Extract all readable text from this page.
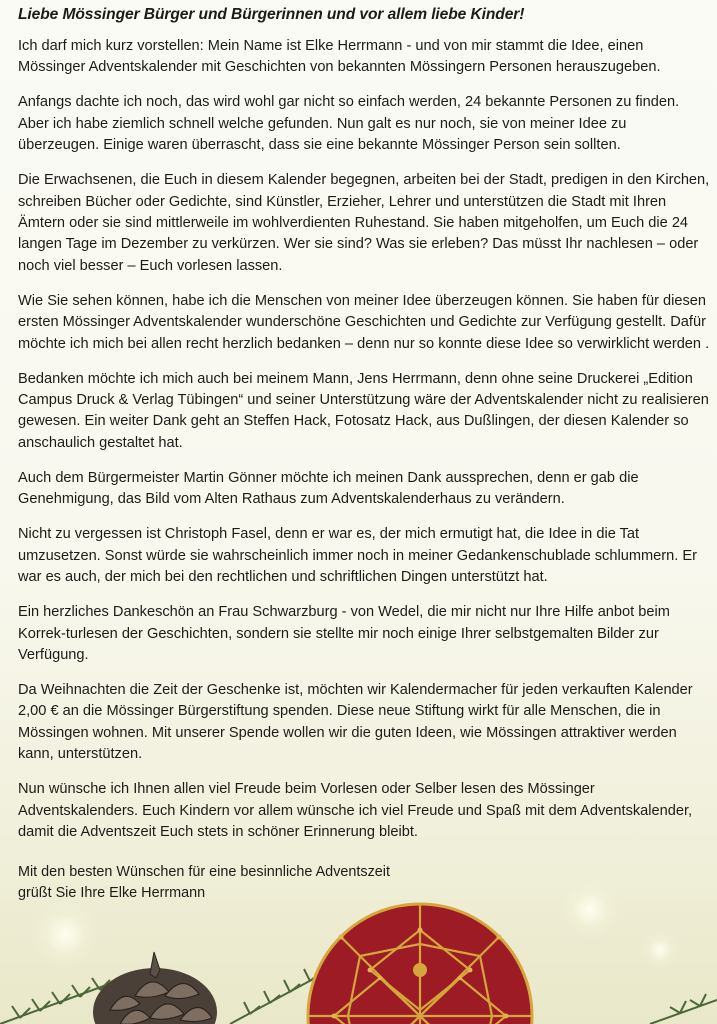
Liebe Mössinger Bürger und Bürgerinnen und vor allem liebe Kinder!

Ich darf mich kurz vorstellen: Mein Name ist Elke Herrmann - und von mir stammt die Idee, einen Mössinger Adventskalender mit Geschichten von bekannten Mössingern Personen herauszugeben.

Anfangs dachte ich noch, das wird wohl gar nicht so einfach werden, 24 bekannte Personen zu finden. Aber ich habe ziemlich schnell welche gefunden. Nun galt es nur noch, sie von meiner Idee zu überzeugen. Einige waren überrascht, dass sie eine bekannte Mössinger Person sein sollten.

Die Erwachsenen, die Euch in diesem Kalender begegnen, arbeiten bei der Stadt, predigen in den Kirchen, schreiben Bücher oder Gedichte, sind Künstler, Erzieher, Lehrer und unterstützen die Stadt mit Ihren Ämtern oder sie sind mittlerweile im wohlverdienten Ruhestand. Sie haben mitgeholfen, um Euch die 24 langen Tage im Dezember zu verkürzen. Wer sie sind? Was sie erleben? Das müsst Ihr nachlesen – oder noch viel besser – Euch vorlesen lassen.

Wie Sie sehen können, habe ich die Menschen von meiner Idee überzeugen können. Sie haben für diesen ersten Mössinger Adventskalender wunderschöne Geschichten und Gedichte zur Verfügung gestellt. Dafür möchte ich mich bei allen recht herzlich bedanken – denn nur so konnte diese Idee so verwirklicht werden .

Bedanken möchte ich mich auch bei meinem Mann, Jens Herrmann, denn ohne seine Druckerei „Edition Campus Druck & Verlag Tübingen“ und seiner Unterstützung wäre der Adventskalender nicht zu realisieren gewesen. Ein weiter Dank geht an Steffen Hack, Fotosatz Hack, aus Dußlingen, der diesen Kalender so anschaulich gestaltet hat.

Auch dem Bürgermeister Martin Gönner möchte ich meinen Dank aussprechen, denn er gab die Genehmigung, das Bild vom Alten Rathaus zum Adventskalenderhaus zu verändern.

Nicht zu vergessen ist Christoph Fasel, denn er war es, der mich ermutigt hat, die Idee in die Tat umzusetzen. Sonst würde sie wahrscheinlich immer noch in meiner Gedankenschublade schlummern. Er war es auch, der mich bei den rechtlichen und schriftlichen Dingen unterstützt hat.

Ein herzliches Dankeschön an Frau Schwarzburg - von Wedel, die mir nicht nur Ihre Hilfe anbot beim Korrek-turlesen der Geschichten, sondern sie stellte mir noch einige Ihrer selbstgemalten Bilder zur Verfügung.

Da Weihnachten die Zeit der Geschenke ist, möchten wir Kalendermacher für jeden verkauften Kalender 2,00 € an die Mössinger Bürgerstiftung spenden. Diese neue Stiftung wirkt für alle Menschen, die in Mössingen wohnen. Mit unserer Spende wollen wir die guten Ideen, wie Mössingen attraktiver werden kann, unterstützen.

Nun wünsche ich Ihnen allen viel Freude beim Vorlesen oder Selber lesen des Mössinger Adventskalenders. Euch Kindern vor allem wünsche ich viel Freude und Spaß mit dem Adventskalender, damit die Adventszeit Euch stets in schöner Erinnerung bleibt.

Mit den besten Wünschen für eine besinnliche Adventszeit
grüßt Sie Ihre Elke Herrmann
